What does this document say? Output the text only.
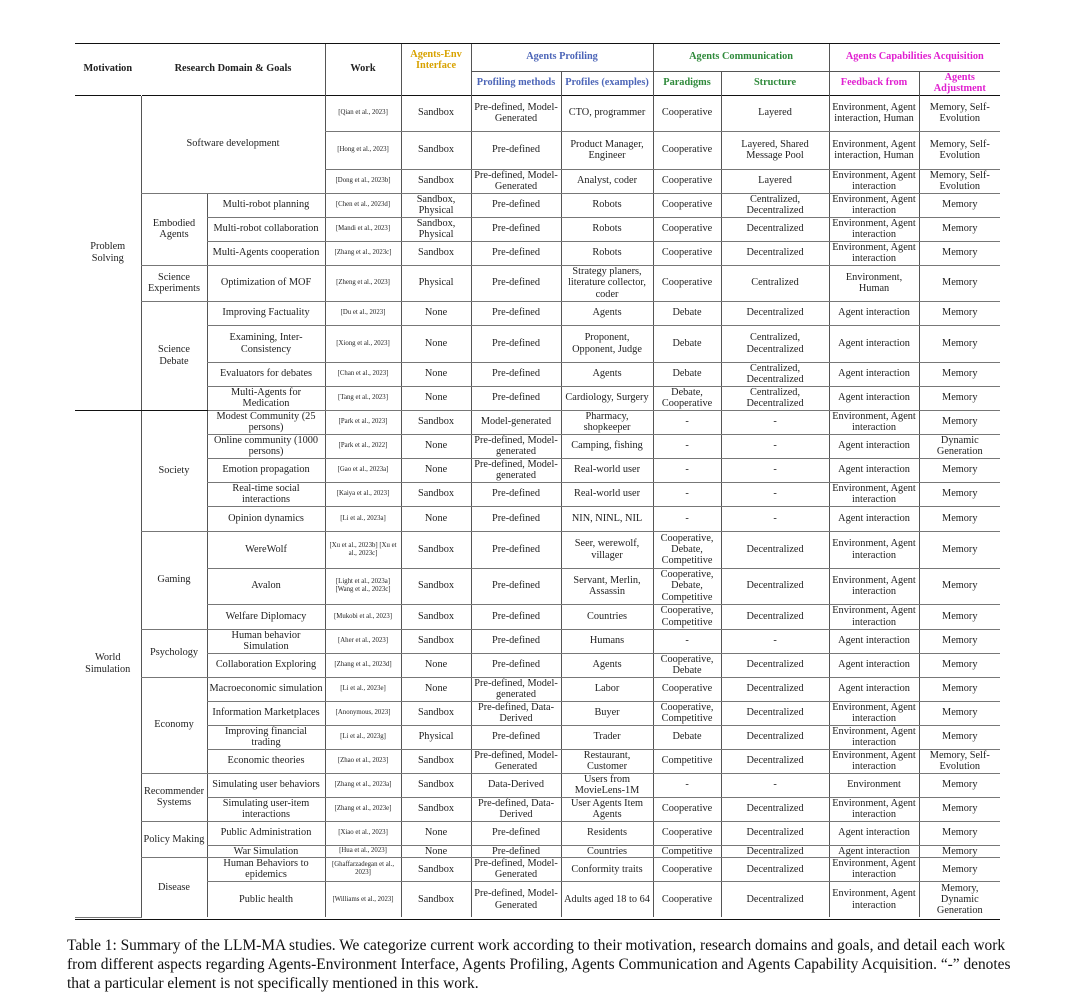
Motivation	Research Domain & Goals		Work	Agents-Env Interface	Agents Profiling		Agents Communication		Agents Capabilities Acquisition	
					Profiling methods	Profiles (examples)	Paradigms	Structure	Feedback from	Agents Adjustment
Problem Solving	Software development		[Qian et al., 2023]	Sandbox	Pre-defined, Model-Generated	CTO, programmer	Cooperative	Layered	Environment, Agent interaction, Human	Memory, Self-Evolution
			[Hong et al., 2023]	Sandbox	Pre-defined	Product Manager, Engineer	Cooperative	Layered, Shared Message Pool	Environment, Agent interaction, Human	Memory, Self-Evolution
			[Dong et al., 2023b]	Sandbox	Pre-defined, Model-Generated	Analyst, coder	Cooperative	Layered	Environment, Agent interaction	Memory, Self-Evolution
	Embodied Agents	Multi-robot planning	[Chen et al., 2023d]	Sandbox, Physical	Pre-defined	Robots	Cooperative	Centralized, Decentralized	Environment, Agent interaction	Memory
		Multi-robot collaboration	[Mandi et al., 2023]	Sandbox, Physical	Pre-defined	Robots	Cooperative	Decentralized	Environment, Agent interaction	Memory
		Multi-Agents cooperation	[Zhang et al., 2023c]	Sandbox	Pre-defined	Robots	Cooperative	Decentralized	Environment, Agent interaction	Memory
	Science Experiments	Optimization of MOF	[Zheng et al., 2023]	Physical	Pre-defined	Strategy planers, literature collector, coder	Cooperative	Centralized	Environment, Human	Memory
	Science Debate	Improving Factuality	[Du et al., 2023]	None	Pre-defined	Agents	Debate	Decentralized	Agent interaction	Memory
		Examining, Inter-Consistency	[Xiong et al., 2023]	None	Pre-defined	Proponent, Opponent, Judge	Debate	Centralized, Decentralized	Agent interaction	Memory
		Evaluators for debates	[Chan et al., 2023]	None	Pre-defined	Agents	Debate	Centralized, Decentralized	Agent interaction	Memory
		Multi-Agents for Medication	[Tang et al., 2023]	None	Pre-defined	Cardiology, Surgery	Debate, Cooperative	Centralized, Decentralized	Agent interaction	Memory
World Simulation	Society	Modest Community (25 persons)	[Park et al., 2023]	Sandbox	Model-generated	Pharmacy, shopkeeper	-	-	Environment, Agent interaction	Memory
		Online community (1000 persons)	[Park et al., 2022]	None	Pre-defined, Model-generated	Camping, fishing	-	-	Agent interaction	Dynamic Generation
		Emotion propagation	[Gao et al., 2023a]	None	Pre-defined, Model-generated	Real-world user	-	-	Agent interaction	Memory
		Real-time social interactions	[Kaiya et al., 2023]	Sandbox	Pre-defined	Real-world user	-	-	Environment, Agent interaction	Memory
		Opinion dynamics	[Li et al., 2023a]	None	Pre-defined	NIN, NINL, NIL	-	-	Agent interaction	Memory
	Gaming	WereWolf	[Xu et al., 2023b] [Xu et al., 2023c]	Sandbox	Pre-defined	Seer, werewolf, villager	Cooperative, Debate, Competitive	Decentralized	Environment, Agent interaction	Memory
		Avalon	[Light et al., 2023a] [Wang et al., 2023c]	Sandbox	Pre-defined	Servant, Merlin, Assassin	Cooperative, Debate, Competitive	Decentralized	Environment, Agent interaction	Memory
		Welfare Diplomacy	[Mukobi et al., 2023]	Sandbox	Pre-defined	Countries	Cooperative, Competitive	Decentralized	Environment, Agent interaction	Memory
	Psychology	Human behavior Simulation	[Aher et al., 2023]	Sandbox	Pre-defined	Humans	-	-	Agent interaction	Memory
		Collaboration Exploring	[Zhang et al., 2023d]	None	Pre-defined	Agents	Cooperative, Debate	Decentralized	Agent interaction	Memory
	Economy	Macroeconomic simulation	[Li et al., 2023e]	None	Pre-defined, Model-generated	Labor	Cooperative	Decentralized	Agent interaction	Memory
		Information Marketplaces	[Anonymous, 2023]	Sandbox	Pre-defined, Data-Derived	Buyer	Cooperative, Competitive	Decentralized	Environment, Agent interaction	Memory
		Improving financial trading	[Li et al., 2023g]	Physical	Pre-defined	Trader	Debate	Decentralized	Environment, Agent interaction	Memory
		Economic theories	[Zhao et al., 2023]	Sandbox	Pre-defined, Model-Generated	Restaurant, Customer	Competitive	Decentralized	Environment, Agent interaction	Memory, Self-Evolution
	Recommender Systems	Simulating user behaviors	[Zhang et al., 2023a]	Sandbox	Data-Derived	Users from MovieLens-1M	-	-	Environment	Memory
		Simulating user-item interactions	[Zhang et al., 2023e]	Sandbox	Pre-defined, Data-Derived	User Agents Item Agents	Cooperative	Decentralized	Environment, Agent interaction	Memory
	Policy Making	Public Administration	[Xiao et al., 2023]	None	Pre-defined	Residents	Cooperative	Decentralized	Agent interaction	Memory
		War Simulation	[Hua et al., 2023]	None	Pre-defined	Countries	Competitive	Decentralized	Agent interaction	Memory
	Disease	Human Behaviors to epidemics	[Ghaffarzadegan et al., 2023]	Sandbox	Pre-defined, Model-Generated	Conformity traits	Cooperative	Decentralized	Environment, Agent interaction	Memory
		Public health	[Williams et al., 2023]	Sandbox	Pre-defined, Model-Generated	Adults aged 18 to 64	Cooperative	Decentralized	Environment, Agent interaction	Memory, Dynamic Generation
Table 1: Summary of the LLM-MA studies. We categorize current work according to their motivation, research domains and goals, and detail each work from different aspects regarding Agents-Environment Interface, Agents Profiling, Agents Communication and Agents Capability Acquisition. “-” denotes that a particular element is not specifically mentioned in this work.
